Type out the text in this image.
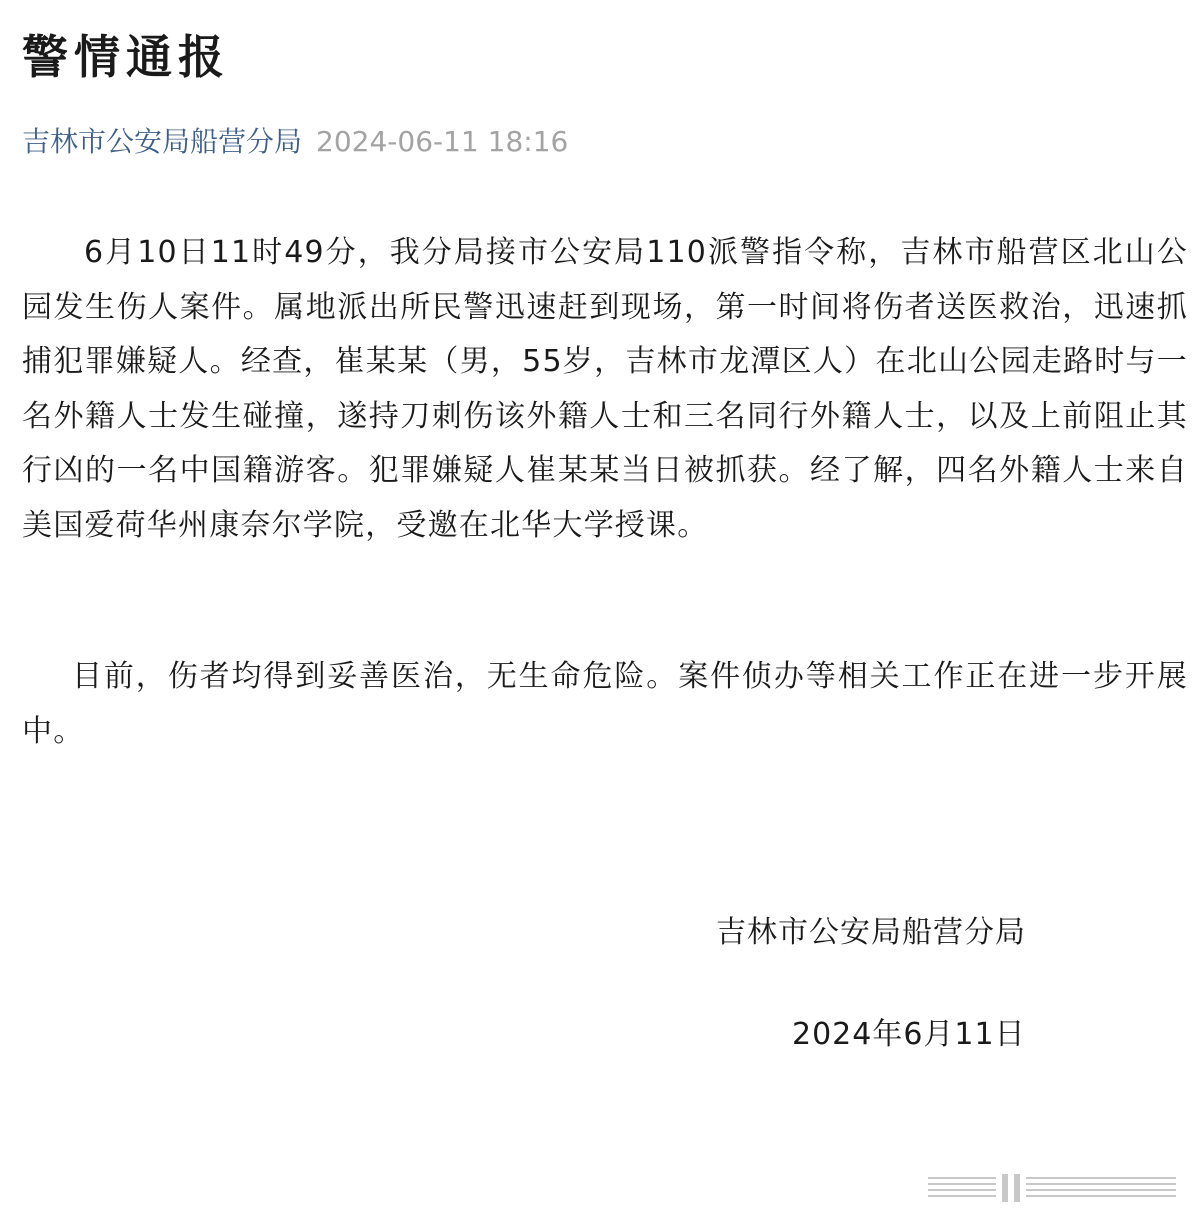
警情通报
吉林市公安局船营分局 2024-06-11 18:16
6月10日11时49分，我分局接市公安局110派警指令称，吉林市船营区北山公园发生伤人案件。属地派出所民警迅速赶到现场，第一时间将伤者送医救治，迅速抓捕犯罪嫌疑人。经查，崔某某（男，55岁，吉林市龙潭区人）在北山公园走路时与一名外籍人士发生碰撞，遂持刀刺伤该外籍人士和三名同行外籍人士，以及上前阻止其行凶的一名中国籍游客。犯罪嫌疑人崔某某当日被抓获。经了解，四名外籍人士来自美国爱荷华州康奈尔学院，受邀在北华大学授课。
目前，伤者均得到妥善医治，无生命危险。案件侦办等相关工作正在进一步开展中。
吉林市公安局船营分局
2024年6月11日
